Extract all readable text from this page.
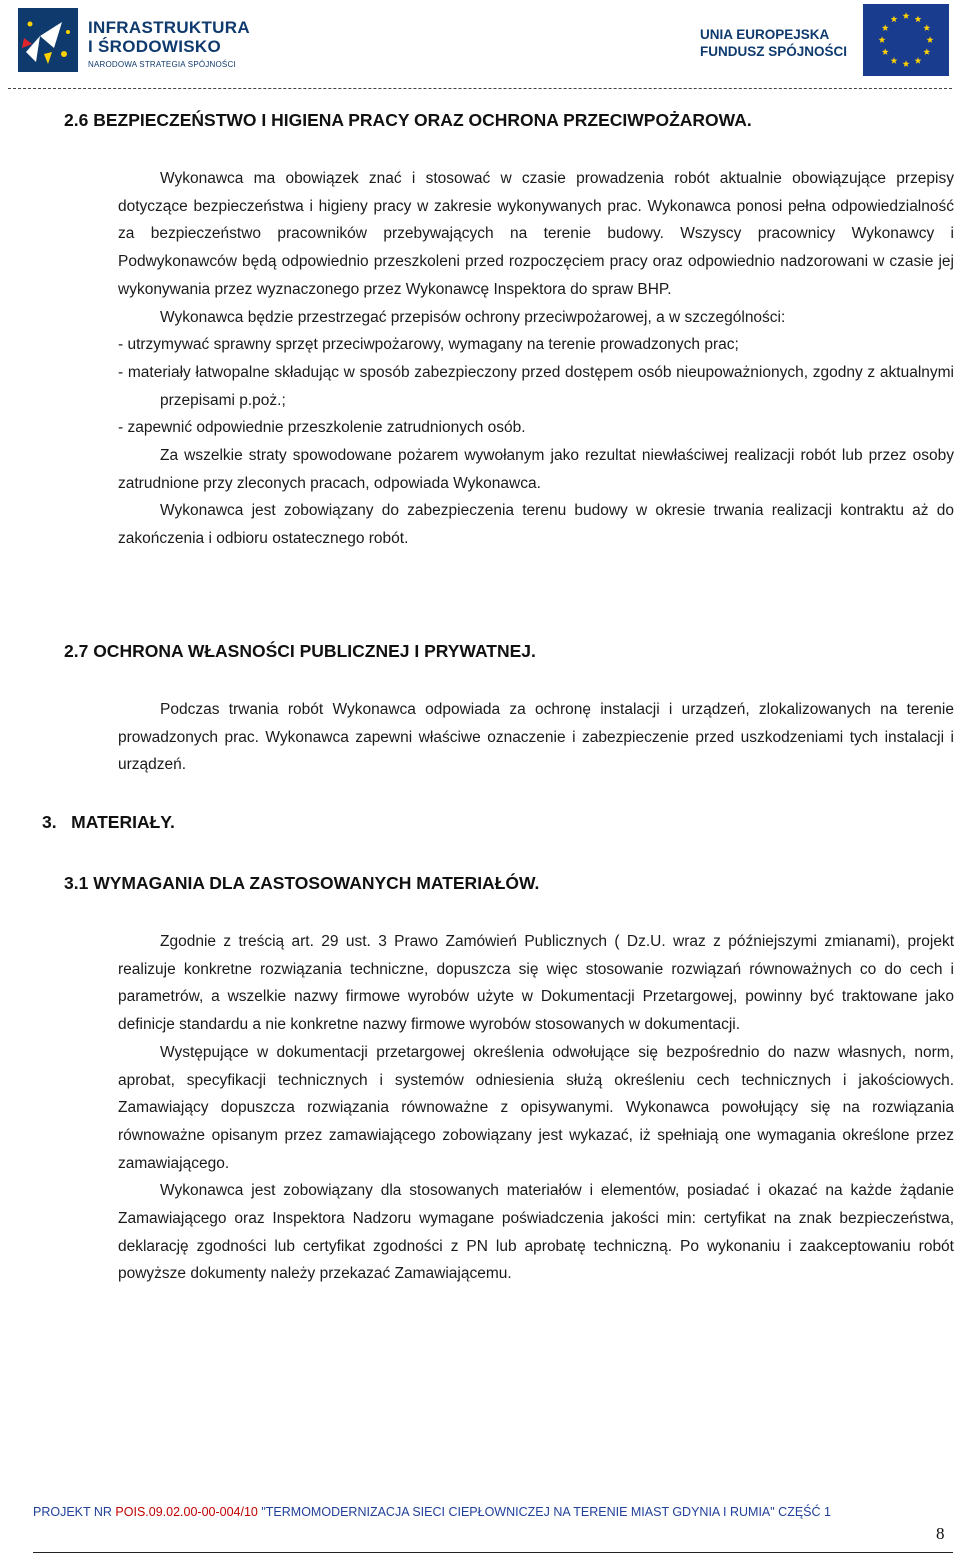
INFRASTRUKTURA
I ŚRODOWISKO
NARODOWA STRATEGIA SPÓJNOŚCI
UNIA EUROPEJSKA
FUNDUSZ SPÓJNOŚCI
2.6 BEZPIECZEŃSTWO I HIGIENA PRACY ORAZ OCHRONA PRZECIWPOŻAROWA.

Wykonawca ma obowiązek znać i stosować w czasie prowadzenia robót aktualnie obowiązujące przepisy dotyczące bezpieczeństwa i higieny pracy w zakresie wykonywanych prac. Wykonawca ponosi pełna odpowiedzialność za bezpieczeństwo pracowników przebywających na terenie budowy. Wszyscy pracownicy Wykonawcy i Podwykonawców będą odpowiednio przeszkoleni przed rozpoczęciem pracy oraz odpowiednio nadzorowani w czasie jej wykonywania przez wyznaczonego przez Wykonawcę Inspektora do spraw BHP.

Wykonawca będzie przestrzegać przepisów ochrony przeciwpożarowej, a w szczególności:

- utrzymywać sprawny sprzęt przeciwpożarowy, wymagany na terenie prowadzonych prac;

- materiały łatwopalne składując w sposób zabezpieczony przed dostępem osób nieupoważnionych, zgodny z aktualnymi przepisami p.poż.;

- zapewnić odpowiednie przeszkolenie zatrudnionych osób.

Za wszelkie straty spowodowane pożarem wywołanym jako rezultat niewłaściwej realizacji robót lub przez osoby zatrudnione przy zleconych pracach, odpowiada Wykonawca.

Wykonawca jest zobowiązany do zabezpieczenia terenu budowy w okresie trwania realizacji kontraktu aż do zakończenia i odbioru ostatecznego robót.

2.7 OCHRONA WŁASNOŚCI PUBLICZNEJ I PRYWATNEJ.

Podczas trwania robót Wykonawca odpowiada za ochronę instalacji i urządzeń, zlokalizowanych na terenie prowadzonych prac. Wykonawca zapewni właściwe oznaczenie i zabezpieczenie przed uszkodzeniami tych instalacji i urządzeń.

3.   MATERIAŁY.
3.1 WYMAGANIA DLA ZASTOSOWANYCH MATERIAŁÓW.

Zgodnie z treścią art. 29 ust. 3 Prawo Zamówień Publicznych ( Dz.U. wraz z późniejszymi zmianami), projekt realizuje konkretne rozwiązania techniczne, dopuszcza się więc stosowanie rozwiązań równoważnych co do cech i parametrów, a wszelkie nazwy firmowe wyrobów użyte w Dokumentacji Przetargowej, powinny być traktowane jako definicje standardu a nie konkretne nazwy firmowe wyrobów stosowanych w dokumentacji.

Występujące w dokumentacji przetargowej określenia odwołujące się bezpośrednio do nazw własnych, norm, aprobat, specyfikacji technicznych i systemów odniesienia służą określeniu cech technicznych i jakościowych. Zamawiający dopuszcza rozwiązania równoważne z opisywanymi. Wykonawca powołujący się na rozwiązania równoważne opisanym przez zamawiającego zobowiązany jest wykazać, iż spełniają one wymagania określone przez zamawiającego.

Wykonawca jest zobowiązany dla stosowanych materiałów i elementów, posiadać i okazać na każde żądanie Zamawiającego oraz Inspektora Nadzoru wymagane poświadczenia jakości min: certyfikat na znak bezpieczeństwa, deklarację zgodności lub certyfikat zgodności z PN lub aprobatę techniczną. Po wykonaniu i zaakceptowaniu robót powyższe dokumenty należy przekazać Zamawiającemu.

PROJEKT NR POIS.09.02.00-00-004/10 "TERMOMODERNIZACJA SIECI CIEPŁOWNICZEJ NA TERENIE MIAST GDYNIA I RUMIA" CZĘŚĆ 1
8
